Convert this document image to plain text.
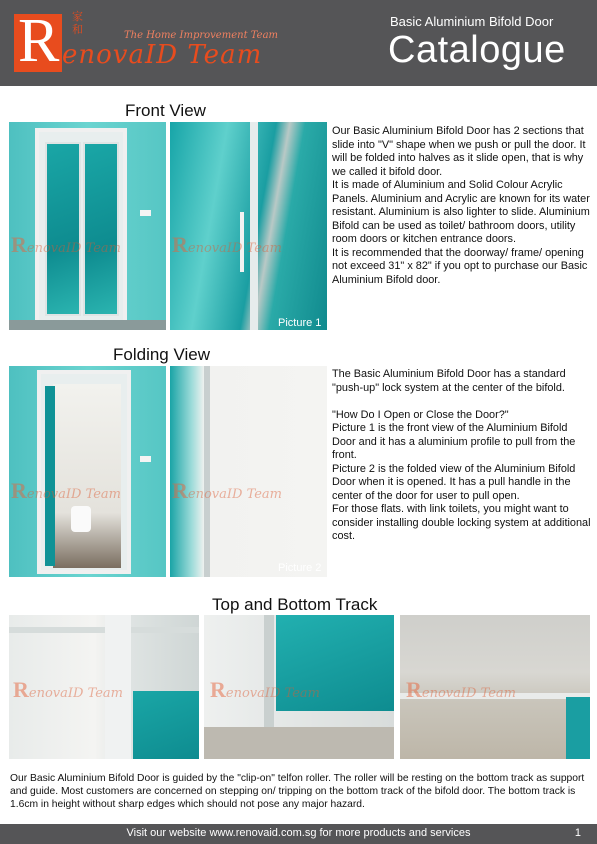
R 家和	The Home Improvement Team
enovaID Team
Basic Aluminium Bifold Door
Catalogue
Front View
RenovaID Team RenovaID Team
Picture 1

Our Basic Aluminium Bifold Door has 2 sections that slide into "V" shape when we push or pull the door. It will be folded into halves as it slide open, that is why we called it bifold door.

It is made of Aluminium and Solid Colour Acrylic Panels. Aluminium and Acrylic are known for its water resistant. Aluminium is also lighter to slide. Aluminium Bifold can be used as toilet/ bathroom doors, utility room doors or kitchen entrance doors.

It is recommended that the doorway/ frame/ opening not exceed 31" x 82" if you opt to purchase our Basic Aluminium Bifold door.

Folding View
RenovaID Team RenovaID Team
Picture 2

The Basic Aluminium Bifold Door has a standard "push-up" lock system at the center of the bifold.

"How Do I Open or Close the Door?"

Picture 1 is the front view of the Aluminium Bifold Door and it has a aluminium profile to pull from the front.

Picture 2 is the folded view of the Aluminium Bifold Door when it is opened. It has a pull handle in the center of the door for user to pull open.

For those flats. with link toilets, you might want to consider installing double locking system at additional cost.

Top and Bottom Track
RenovaID Team	RenovaID Team	RenovaID Team
Our Basic Aluminium Bifold Door is guided by the "clip-on" telfon roller. The roller will be resting on the bottom track as support and guide. Most customers are concerned on stepping on/ tripping on the bottom track of the bifold door. The bottom track is 1.6cm in height without sharp edges which should not pose any major hazard.
Visit our website www.renovaid.com.sg for more products and services	1
